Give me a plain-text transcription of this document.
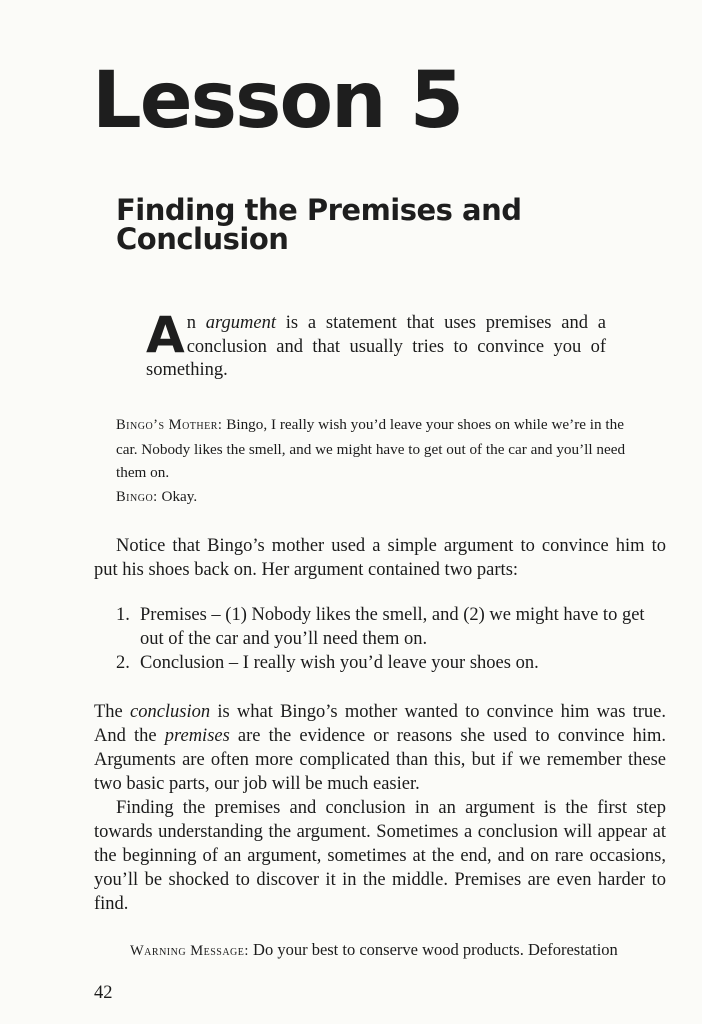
Lesson 5
Finding the Premises and Conclusion

An argument is a statement that uses premises and a conclusion and that usually tries to convince you of something.

Bingo’s Mother: Bingo, I really wish you’d leave your shoes on while we’re in the car. Nobody likes the smell, and we might have to get out of the car and you’ll need them on.

Bingo: Okay.

Notice that Bingo’s mother used a simple argument to convince him to put his shoes back on. Her argument contained two parts:

1. Premises – (1) Nobody likes the smell, and (2) we might have to get out of the car and you’ll need them on.
2. Conclusion – I really wish you’d leave your shoes on.

The conclusion is what Bingo’s mother wanted to convince him was true. And the premises are the evidence or reasons she used to convince him. Arguments are often more complicated than this, but if we remember these two basic parts, our job will be much easier.

Finding the premises and conclusion in an argument is the first step towards understanding the argument. Sometimes a conclusion will appear at the beginning of an argument, sometimes at the end, and on rare occasions, you’ll be shocked to discover it in the middle. Premises are even harder to find.

Warning Message: Do your best to conserve wood products. Deforestation

42
